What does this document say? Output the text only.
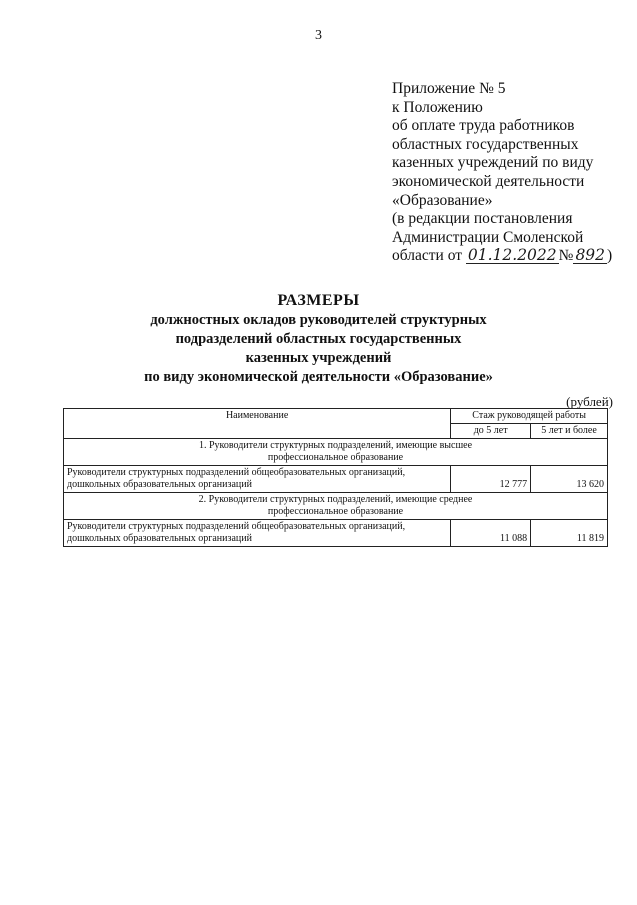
3
Приложение № 5
к Положению
об оплате труда работников
областных государственных
казенных учреждений по виду
экономической деятельности
«Образование»
(в редакции постановления
Администрации Смоленской
области от 01.12.2022 № 892 )
РАЗМЕРЫ
должностных окладов руководителей структурных
подразделений областных государственных
казенных учреждений
по виду экономической деятельности «Образование»
(рублей)
Наименование	Стаж руководящей работы	
	до 5 лет	5 лет и более

1. Руководители структурных подразделений, имеющие высшее профессиональное образование		

Руководители структурных подразделений общеобразовательных организаций, дошкольных образовательных организаций	12 777	13 620

2. Руководители структурных подразделений, имеющие среднее профессиональное образование		

Руководители структурных подразделений общеобразовательных организаций, дошкольных образовательных организаций	11 088	11 819
